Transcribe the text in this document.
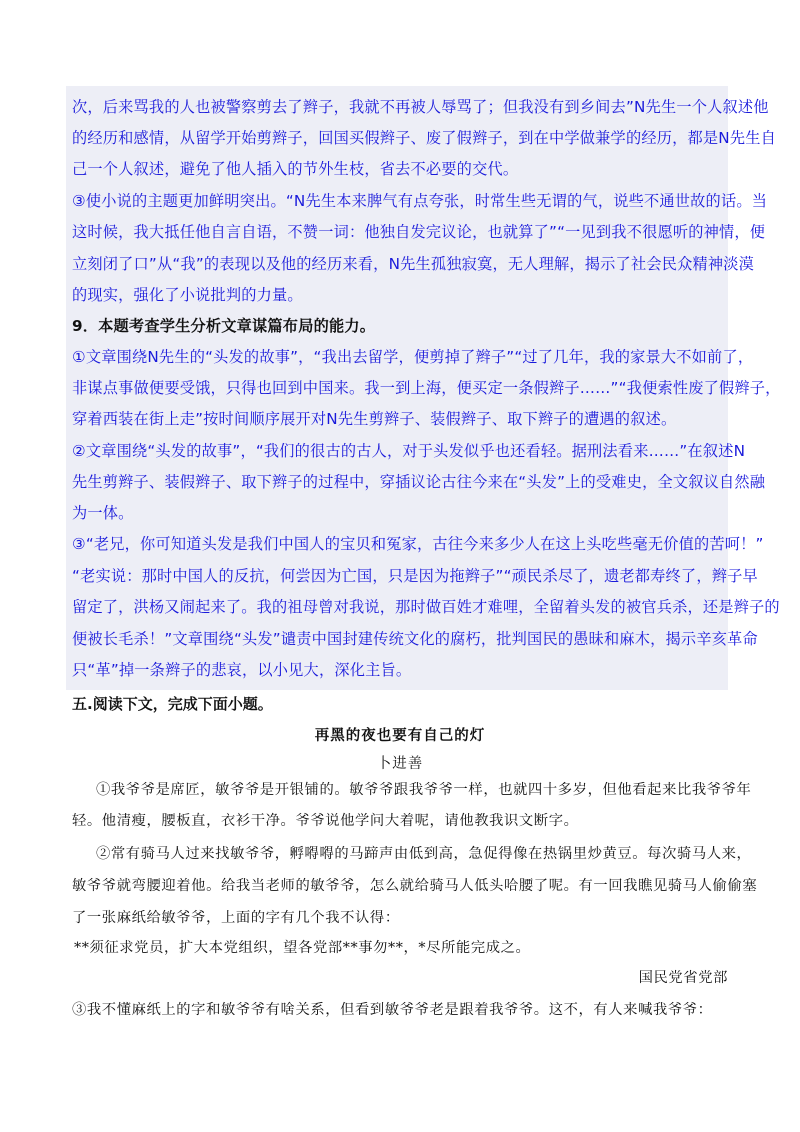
次，后来骂我的人也被警察剪去了辫子，我就不再被人辱骂了；但我没有到乡间去”N先生一个人叙述他
的经历和感情，从留学开始剪辫子，回国买假辫子、废了假辫子，到在中学做兼学的经历，都是N先生自
己一个人叙述，避免了他人插入的节外生枝，省去不必要的交代。
③使小说的主题更加鲜明突出。“N先生本来脾气有点夸张，时常生些无谓的气，说些不通世故的话。当
这时候，我大抵任他自言自语，不赞一词：他独自发完议论，也就算了”“一见到我不很愿听的神情，便
立刻闭了口”从“我”的表现以及他的经历来看，N先生孤独寂寞，无人理解，揭示了社会民众精神淡漠
的现实，强化了小说批判的力量。
9．本题考查学生分析文章谋篇布局的能力。
①文章围绕N先生的“头发的故事”，“我出去留学，便剪掉了辫子”“过了几年，我的家景大不如前了，
非谋点事做便要受饿，只得也回到中国来。我一到上海，便买定一条假辫子……”“我便索性废了假辫子，
穿着西装在街上走”按时间顺序展开对N先生剪辫子、装假辫子、取下辫子的遭遇的叙述。
②文章围绕“头发的故事”，“我们的很古的古人，对于头发似乎也还看轻。据刑法看来……”在叙述N
先生剪辫子、装假辫子、取下辫子的过程中，穿插议论古往今来在“头发”上的受难史，全文叙议自然融
为一体。
③“老兄，你可知道头发是我们中国人的宝贝和冤家，古往今来多少人在这上头吃些毫无价值的苦呵！”
“老实说：那时中国人的反抗，何尝因为亡国，只是因为拖辫子”“顽民杀尽了，遗老都寿终了，辫子早
留定了，洪杨又闹起来了。我的祖母曾对我说，那时做百姓才难哩，全留着头发的被官兵杀，还是辫子的
便被长毛杀！”文章围绕“头发”谴责中国封建传统文化的腐朽，批判国民的愚昧和麻木，揭示辛亥革命
只“革”掉一条辫子的悲哀，以小见大，深化主旨。
五.阅读下文，完成下面小题。
再黑的夜也要有自己的灯
卜进善
①我爷爷是席匠，敏爷爷是开银铺的。敏爷爷跟我爷爷一样，也就四十多岁，但他看起来比我爷爷年
轻。他清瘦，腰板直，衣衫干净。爷爷说他学问大着呢，请他教我识文断字。
②常有骑马人过来找敏爷爷，孵嘚嘚的马蹄声由低到高，急促得像在热锅里炒黄豆。每次骑马人来，
敏爷爷就弯腰迎着他。给我当老师的敏爷爷，怎么就给骑马人低头哈腰了呢。有一回我瞧见骑马人偷偷塞
了一张麻纸给敏爷爷，上面的字有几个我不认得：
**须征求党员，扩大本党组织，望各党部**事勿**，*尽所能完成之。
国民党省党部
③我不懂麻纸上的字和敏爷爷有啥关系，但看到敏爷爷老是跟着我爷爷。这不，有人来喊我爷爷：
